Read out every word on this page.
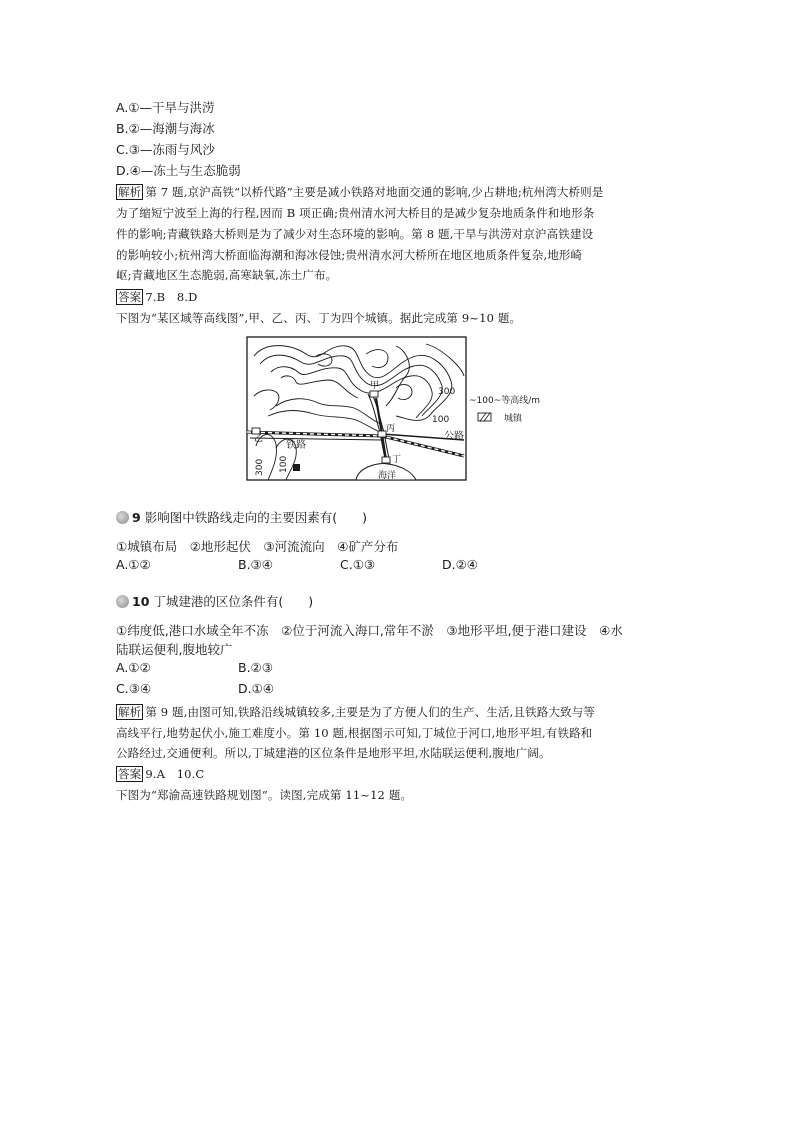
A.①—干旱与洪涝
B.②—海潮与海冰
C.③—冻雨与风沙
D.④—冻土与生态脆弱
解析 第 7 题,京沪高铁“以桥代路”主要是减小铁路对地面交通的影响,少占耕地;杭州湾大桥则是
为了缩短宁波至上海的行程,因而 B 项正确;贵州清水河大桥目的是减少复杂地质条件和地形条
件的影响;青藏铁路大桥则是为了减少对生态环境的影响。第 8 题,干旱与洪涝对京沪高铁建设
的影响较小;杭州湾大桥面临海潮和海冰侵蚀;贵州清水河大桥所在地区地质条件复杂,地形崎
岖;青藏地区生态脆弱,高寒缺氧,冻土广布。
答案 7.B　8.D
下图为“某区域等高线图”,甲、乙、丙、丁为四个城镇。据此完成第 9~10 题。
甲
乙
丙
丁
铁路
公路
海洋
300
100
300 100
~100~等高线/m
城镇
9 影响图中铁路线走向的主要因素有(　　)
①城镇布局　②地形起伏　③河流流向　④矿产分布
A.①②	B.③④	C.①③	D.②④
10 丁城建港的区位条件有(　　)
①纬度低,港口水域全年不冻　②位于河流入海口,常年不淤　③地形平坦,便于港口建设　④水
陆联运便利,腹地较广
A.①②	B.②③
C.③④	D.①④
解析 第 9 题,由图可知,铁路沿线城镇较多,主要是为了方便人们的生产、生活,且铁路大致与等
高线平行,地势起伏小,施工难度小。第 10 题,根据图示可知,丁城位于河口,地形平坦,有铁路和
公路经过,交通便利。所以,丁城建港的区位条件是地形平坦,水陆联运便利,腹地广阔。
答案 9.A　10.C
下图为“郑渝高速铁路规划图”。读图,完成第 11~12 题。
